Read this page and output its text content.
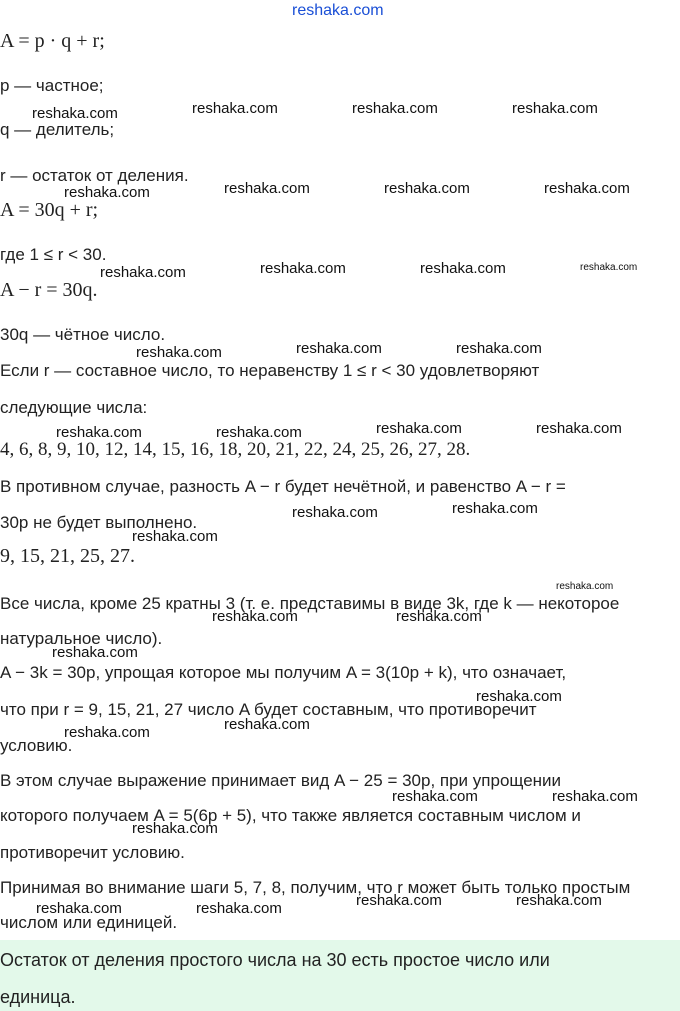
reshaka.com
A = p · q + r;
p — частное;
q — делитель;
r — остаток от деления.
A = 30q + r;
где 1 ≤ r < 30.
A − r = 30q.
30q — чётное число.
Если r — составное число, то неравенству 1 ≤ r < 30 удовлетворяют
следующие числа:
4, 6, 8, 9, 10, 12, 14, 15, 16, 18, 20, 21, 22, 24, 25, 26, 27, 28.
В противном случае, разность A − r будет нечётной, и равенство A − r =
30p не будет выполнено.
9, 15, 21, 25, 27.
Все числа, кроме 25 кратны 3 (т. е. представимы в виде 3k, где k — некоторое
натуральное число).
A − 3k = 30p, упрощая которое мы получим A = 3(10p + k), что означает,
что при r = 9, 15, 21, 27 число A будет составным, что противоречит
условию.
В этом случае выражение принимает вид A − 25 = 30p, при упрощении
которого получаем A = 5(6p + 5), что также является составным числом и
противоречит условию.
Принимая во внимание шаги 5, 7, 8, получим, что r может быть только простым
числом или единицей.
Остаток от деления простого числа на 30 есть простое число или
единица.
reshaka.com	reshaka.com	reshaka.com	reshaka.com
reshaka.com	reshaka.com	reshaka.com	reshaka.com
reshaka.com	reshaka.com	reshaka.com	reshaka.com
reshaka.com	reshaka.com	reshaka.com
reshaka.com	reshaka.com	reshaka.com	reshaka.com
reshaka.com	reshaka.com
reshaka.com
reshaka.com
reshaka.com	reshaka.com
reshaka.com
reshaka.com
reshaka.com
reshaka.com
reshaka.com	reshaka.com
reshaka.com
reshaka.com	reshaka.com	reshaka.com	reshaka.com
